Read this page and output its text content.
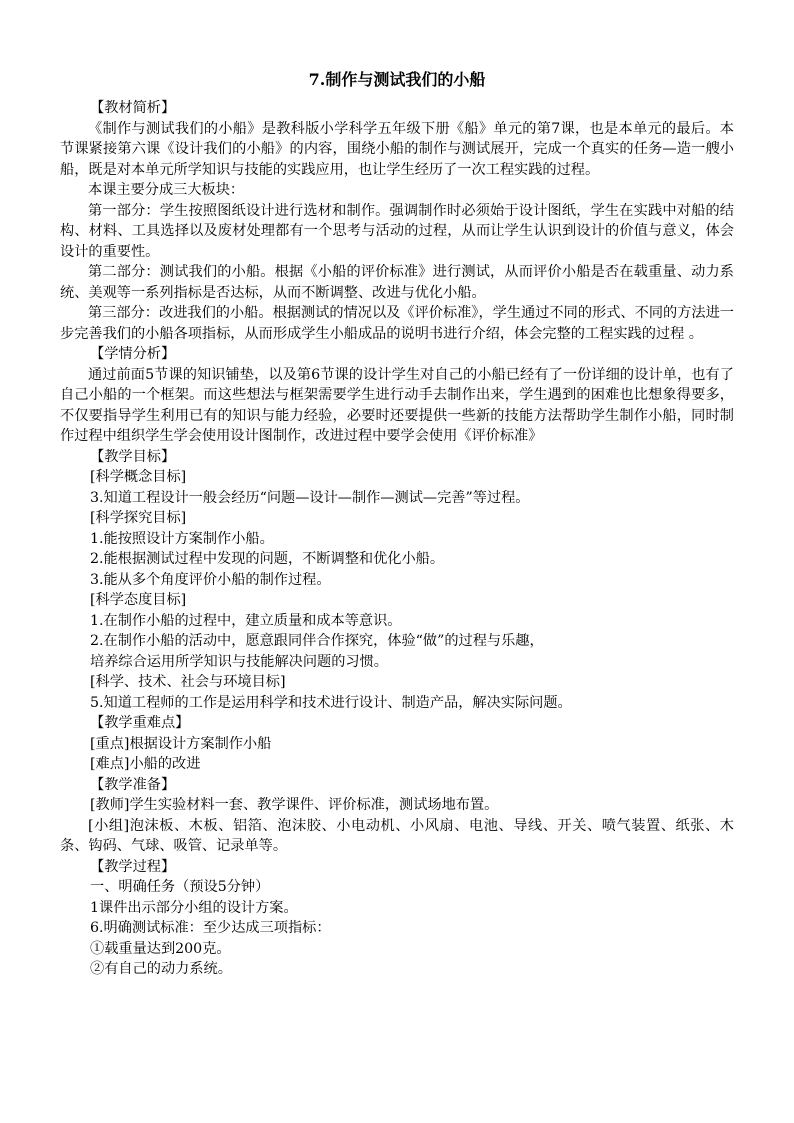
7.制作与测试我们的小船

【教材简析】

《制作与测试我们的小船》是教科版小学科学五年级下册《船》单元的第7课，也是本单元的最后。本节课紧接第六课《设计我们的小船》的内容，围绕小船的制作与测试展开，完成一个真实的任务—造一艘小船，既是对本单元所学知识与技能的实践应用，也让学生经历了一次工程实践的过程。

本课主要分成三大板块：

第一部分：学生按照图纸设计进行选材和制作。强调制作时必须始于设计图纸，学生在实践中对船的结构、材料、工具选择以及废材处理都有一个思考与活动的过程，从而让学生认识到设计的价值与意义，体会设计的重要性。

第二部分：测试我们的小船。根据《小船的评价标准》进行测试，从而评价小船是否在载重量、动力系统、美观等一系列指标是否达标，从而不断调整、改进与优化小船。

第三部分：改进我们的小船。根据测试的情况以及《评价标准》，学生通过不同的形式、不同的方法进一步完善我们的小船各项指标，从而形成学生小船成品的说明书进行介绍，体会完整的工程实践的过程 。

【学情分析】

通过前面5节课的知识铺垫，以及第6节课的设计学生对自己的小船已经有了一份详细的设计单，也有了自己小船的一个框架。而这些想法与框架需要学生进行动手去制作出来，学生遇到的困难也比想象得要多，不仅要指导学生利用已有的知识与能力经验，必要时还要提供一些新的技能方法帮助学生制作小船，同时制作过程中组织学生学会使用设计图制作，改进过程中要学会使用《评价标准》

【教学目标】

[科学概念目标]

3.知道工程设计一般会经历“问题—设计—制作—测试—完善”等过程。

[科学探究目标]

1.能按照设计方案制作小船。

2.能根据测试过程中发现的问题，不断调整和优化小船。

3.能从多个角度评价小船的制作过程。

[科学态度目标]

1.在制作小船的过程中，建立质量和成本等意识。

2.在制作小船的活动中，愿意跟同伴合作探究，体验“做”的过程与乐趣，

培养综合运用所学知识与技能解决问题的习惯。

[科学、技术、社会与环境目标]

5.知道工程师的工作是运用科学和技术进行设计、制造产品，解决实际问题。

【教学重难点】

[重点]根据设计方案制作小船

[难点]小船的改进

【教学准备】

[教师]学生实验材料一套、教学课件、评价标准，测试场地布置。

[小组]泡沫板、木板、铝箔、泡沫胶、小电动机、小风扇、电池、导线、开关、喷气装置、纸张、木条、钩码、气球、吸管、记录单等。

【教学过程】

一、明确任务（预设5分钟）

1课件出示部分小组的设计方案。

6.明确测试标准：至少达成三项指标：

①载重量达到200克。

②有自己的动力系统。
